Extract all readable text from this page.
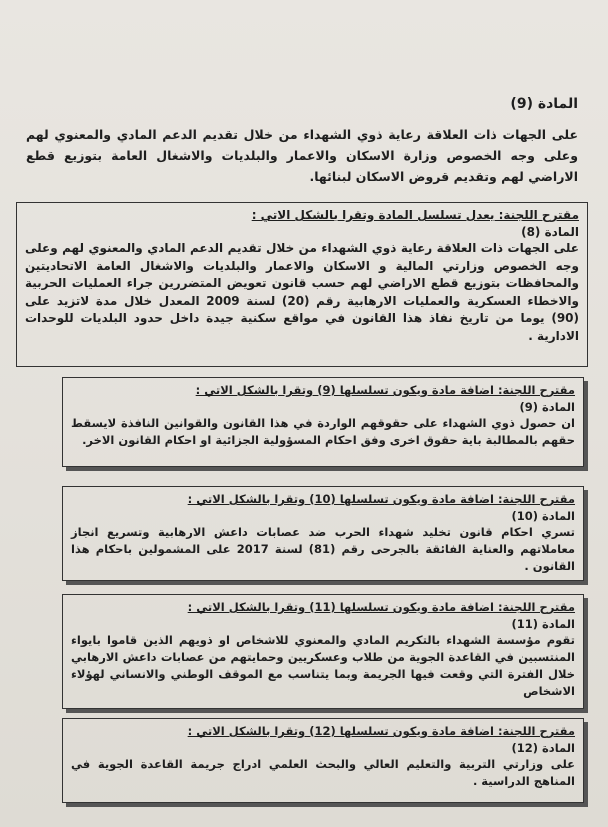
المادة (9)
على الجهات ذات العلاقة رعاية ذوي الشهداء من خلال تقديم الدعم المادي والمعنوي لهم وعلى وجه الخصوص وزارة الاسكان والاعمار والبلديات والاشغال العامة بتوزيع قطع الاراضي لهم وتقديم قروض الاسكان لبنائها.
مقترح اللجنة: يعدل تسلسل المادة وتقرا بالشكل الاتي :
المادة (8)
على الجهات ذات العلاقة رعاية ذوي الشهداء من خلال تقديم الدعم المادي والمعنوي لهم وعلى وجه الخصوص وزارتي المالية و الاسكان والاعمار والبلديات والاشغال العامة الاتحاديتين والمحافظات بتوزيع قطع الاراضي لهم حسب قانون تعويض المتضررين جراء العمليات الحربية والاخطاء العسكرية والعمليات الارهابية رقم (20) لسنة 2009 المعدل خلال مدة لاتزيد على (90) يوما من تاريخ نفاذ هذا القانون في مواقع سكنية جيدة داخل حدود البلديات للوحدات الادارية .
مقترح اللجنة: اضافة مادة ويكون تسلسلها (9) وتقرا بالشكل الاتي :
المادة (9)
ان حصول ذوي الشهداء على حقوقهم الواردة في هذا القانون والقوانين النافذة لايسقط حقهم بالمطالبة باية حقوق اخرى وفق احكام المسؤولية الجزائية او احكام القانون الاخر.
مقترح اللجنة: اضافة مادة ويكون تسلسلها (10) وتقرا بالشكل الاتي :
المادة (10)
تسري احكام قانون تخليد شهداء الحرب ضد عصابات داعش الارهابية وتسريع انجاز معاملاتهم والعناية الفائقة بالجرحى رقم (81) لسنة 2017 على المشمولين باحكام هذا القانون .
مقترح اللجنة: اضافة مادة ويكون تسلسلها (11) وتقرا بالشكل الاتي :
المادة (11)
تقوم مؤسسة الشهداء بالتكريم المادي والمعنوي للاشخاص او ذويهم الذين قاموا بايواء المنتسبين في القاعدة الجوية من طلاب وعسكريين وحمايتهم من عصابات داعش الارهابي خلال الفترة التي وقعت فيها الجريمة وبما يتناسب مع الموقف الوطني والانساني لهؤلاء الاشخاص
مقترح اللجنة: اضافة مادة ويكون تسلسلها (12) وتقرا بالشكل الاتي :
المادة (12)
على وزارتي التربية والتعليم العالي والبحث العلمي ادراج جريمة القاعدة الجوية في المناهج الدراسية .
